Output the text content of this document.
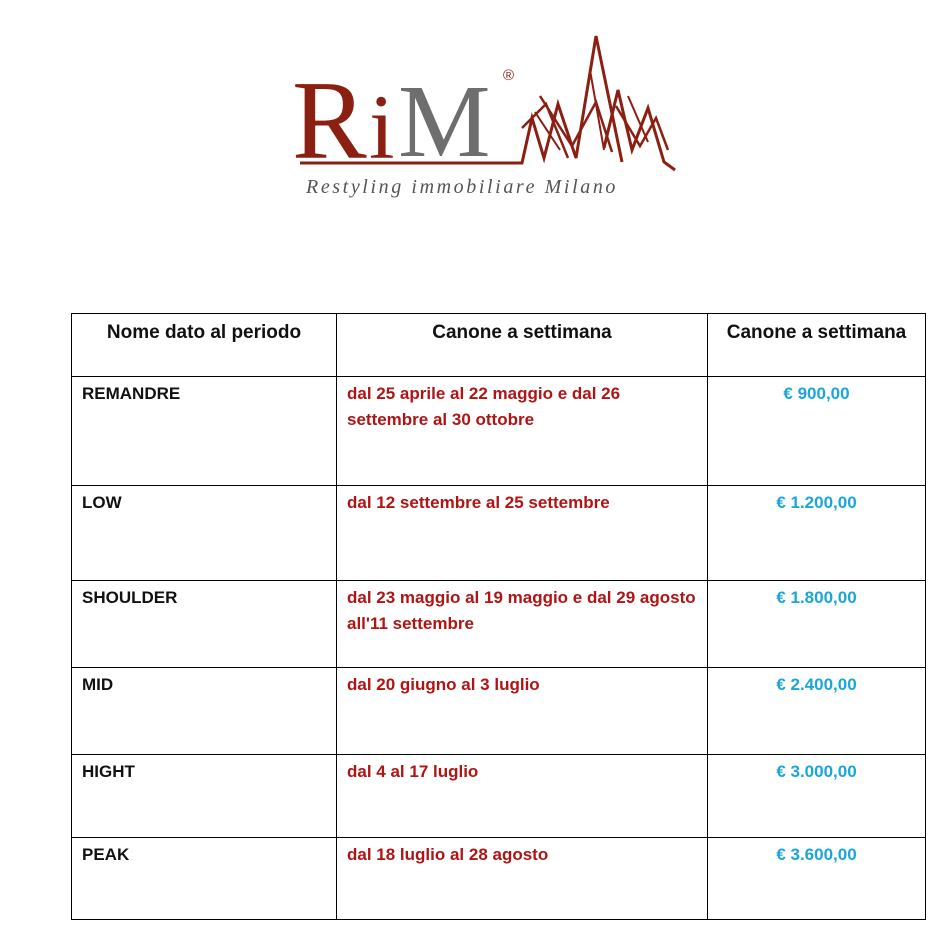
R i M ®
Restyling immobiliare Milano
Nome dato al periodo	Canone a settimana	Canone a settimana
REMANDRE	dal 25 aprile al 22 maggio e dal 26 settembre al 30 ottobre	€ 900,00
LOW	dal 12 settembre al 25 settembre	€ 1.200,00
SHOULDER	dal 23 maggio al 19 maggio e dal 29 agosto all'11 settembre	€ 1.800,00
MID	dal 20 giugno al 3 luglio	€ 2.400,00
HIGHT	dal 4 al 17 luglio	€ 3.000,00
PEAK	dal 18 luglio al 28 agosto	€ 3.600,00
